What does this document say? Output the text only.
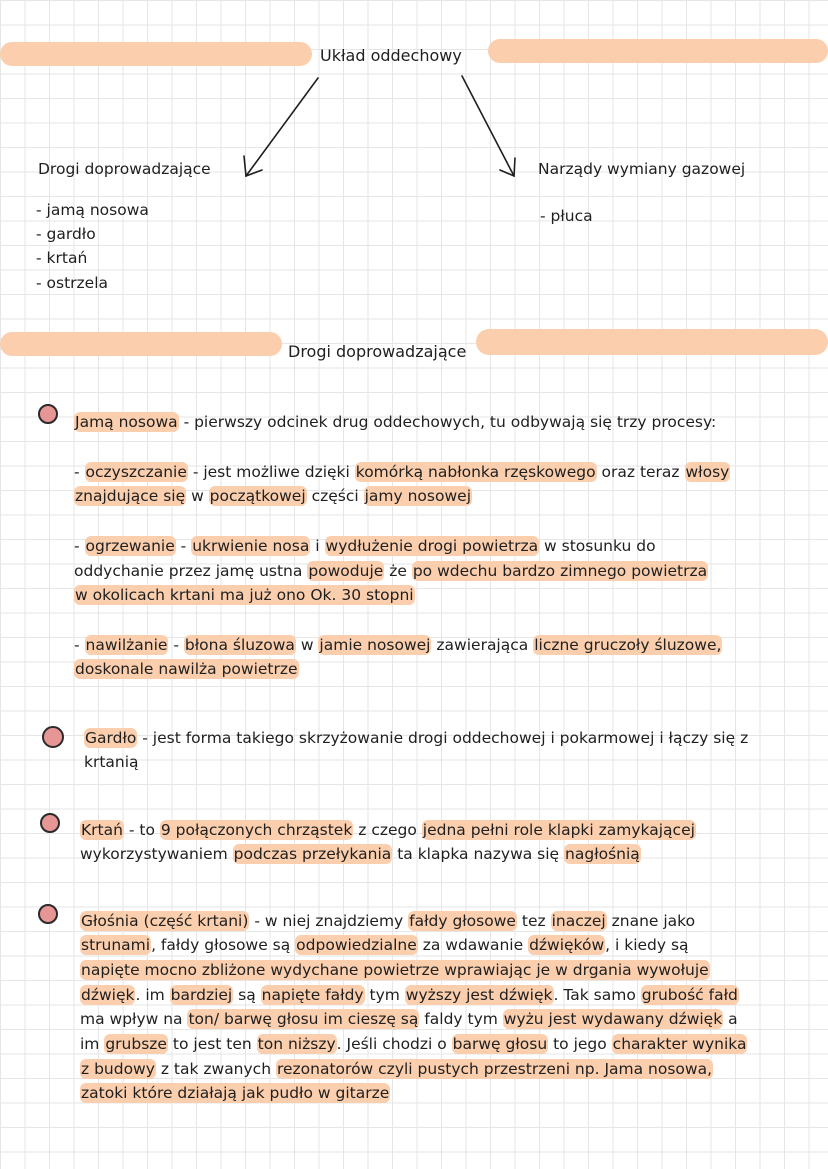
Układ oddechowy
Drogi doprowadzające
- jamą nosowa
- gardło
- krtań
- ostrzela
Narządy wymiany gazowej
- płuca
Drogi doprowadzające
Jamą nosowa - pierwszy odcinek drug oddechowych, tu odbywają się trzy procesy:
- oczyszczanie - jest możliwe dzięki komórką nabłonka rzęskowego oraz teraz włosy
znajdujące się w początkowej części jamy nosowej
- ogrzewanie - ukrwienie nosa i wydłużenie drogi powietrza w stosunku do
oddychanie przez jamę ustna powoduje że po wdechu bardzo zimnego powietrza
w okolicach krtani ma już ono Ok. 30 stopni
- nawilżanie - błona śluzowa w jamie nosowej zawierająca liczne gruczoły śluzowe,
doskonale nawilża powietrze
Gardło - jest forma takiego skrzyżowanie drogi oddechowej i pokarmowej i łączy się z
krtanią
Krtań - to 9 połączonych chrząstek z czego jedna pełni role klapki zamykającej
wykorzystywaniem podczas przełykania ta klapka nazywa się nagłośnią
Głośnia (część krtani) - w niej znajdziemy fałdy głosowe tez inaczej znane jako
strunami, fałdy głosowe są odpowiedzialne za wdawanie dźwięków, i kiedy są
napięte mocno zbliżone wydychane powietrze wprawiając je w drgania wywołuje
dźwięk. im bardziej są napięte fałdy tym wyższy jest dźwięk. Tak samo grubość fałd
ma wpływ na ton/ barwę głosu im cieszę są faldy tym wyżu jest wydawany dźwięk a
im grubsze to jest ten ton niższy. Jeśli chodzi o barwę głosu to jego charakter wynika
z budowy z tak zwanych rezonatorów czyli pustych przestrzeni np. Jama nosowa,
zatoki które działają jak pudło w gitarze
